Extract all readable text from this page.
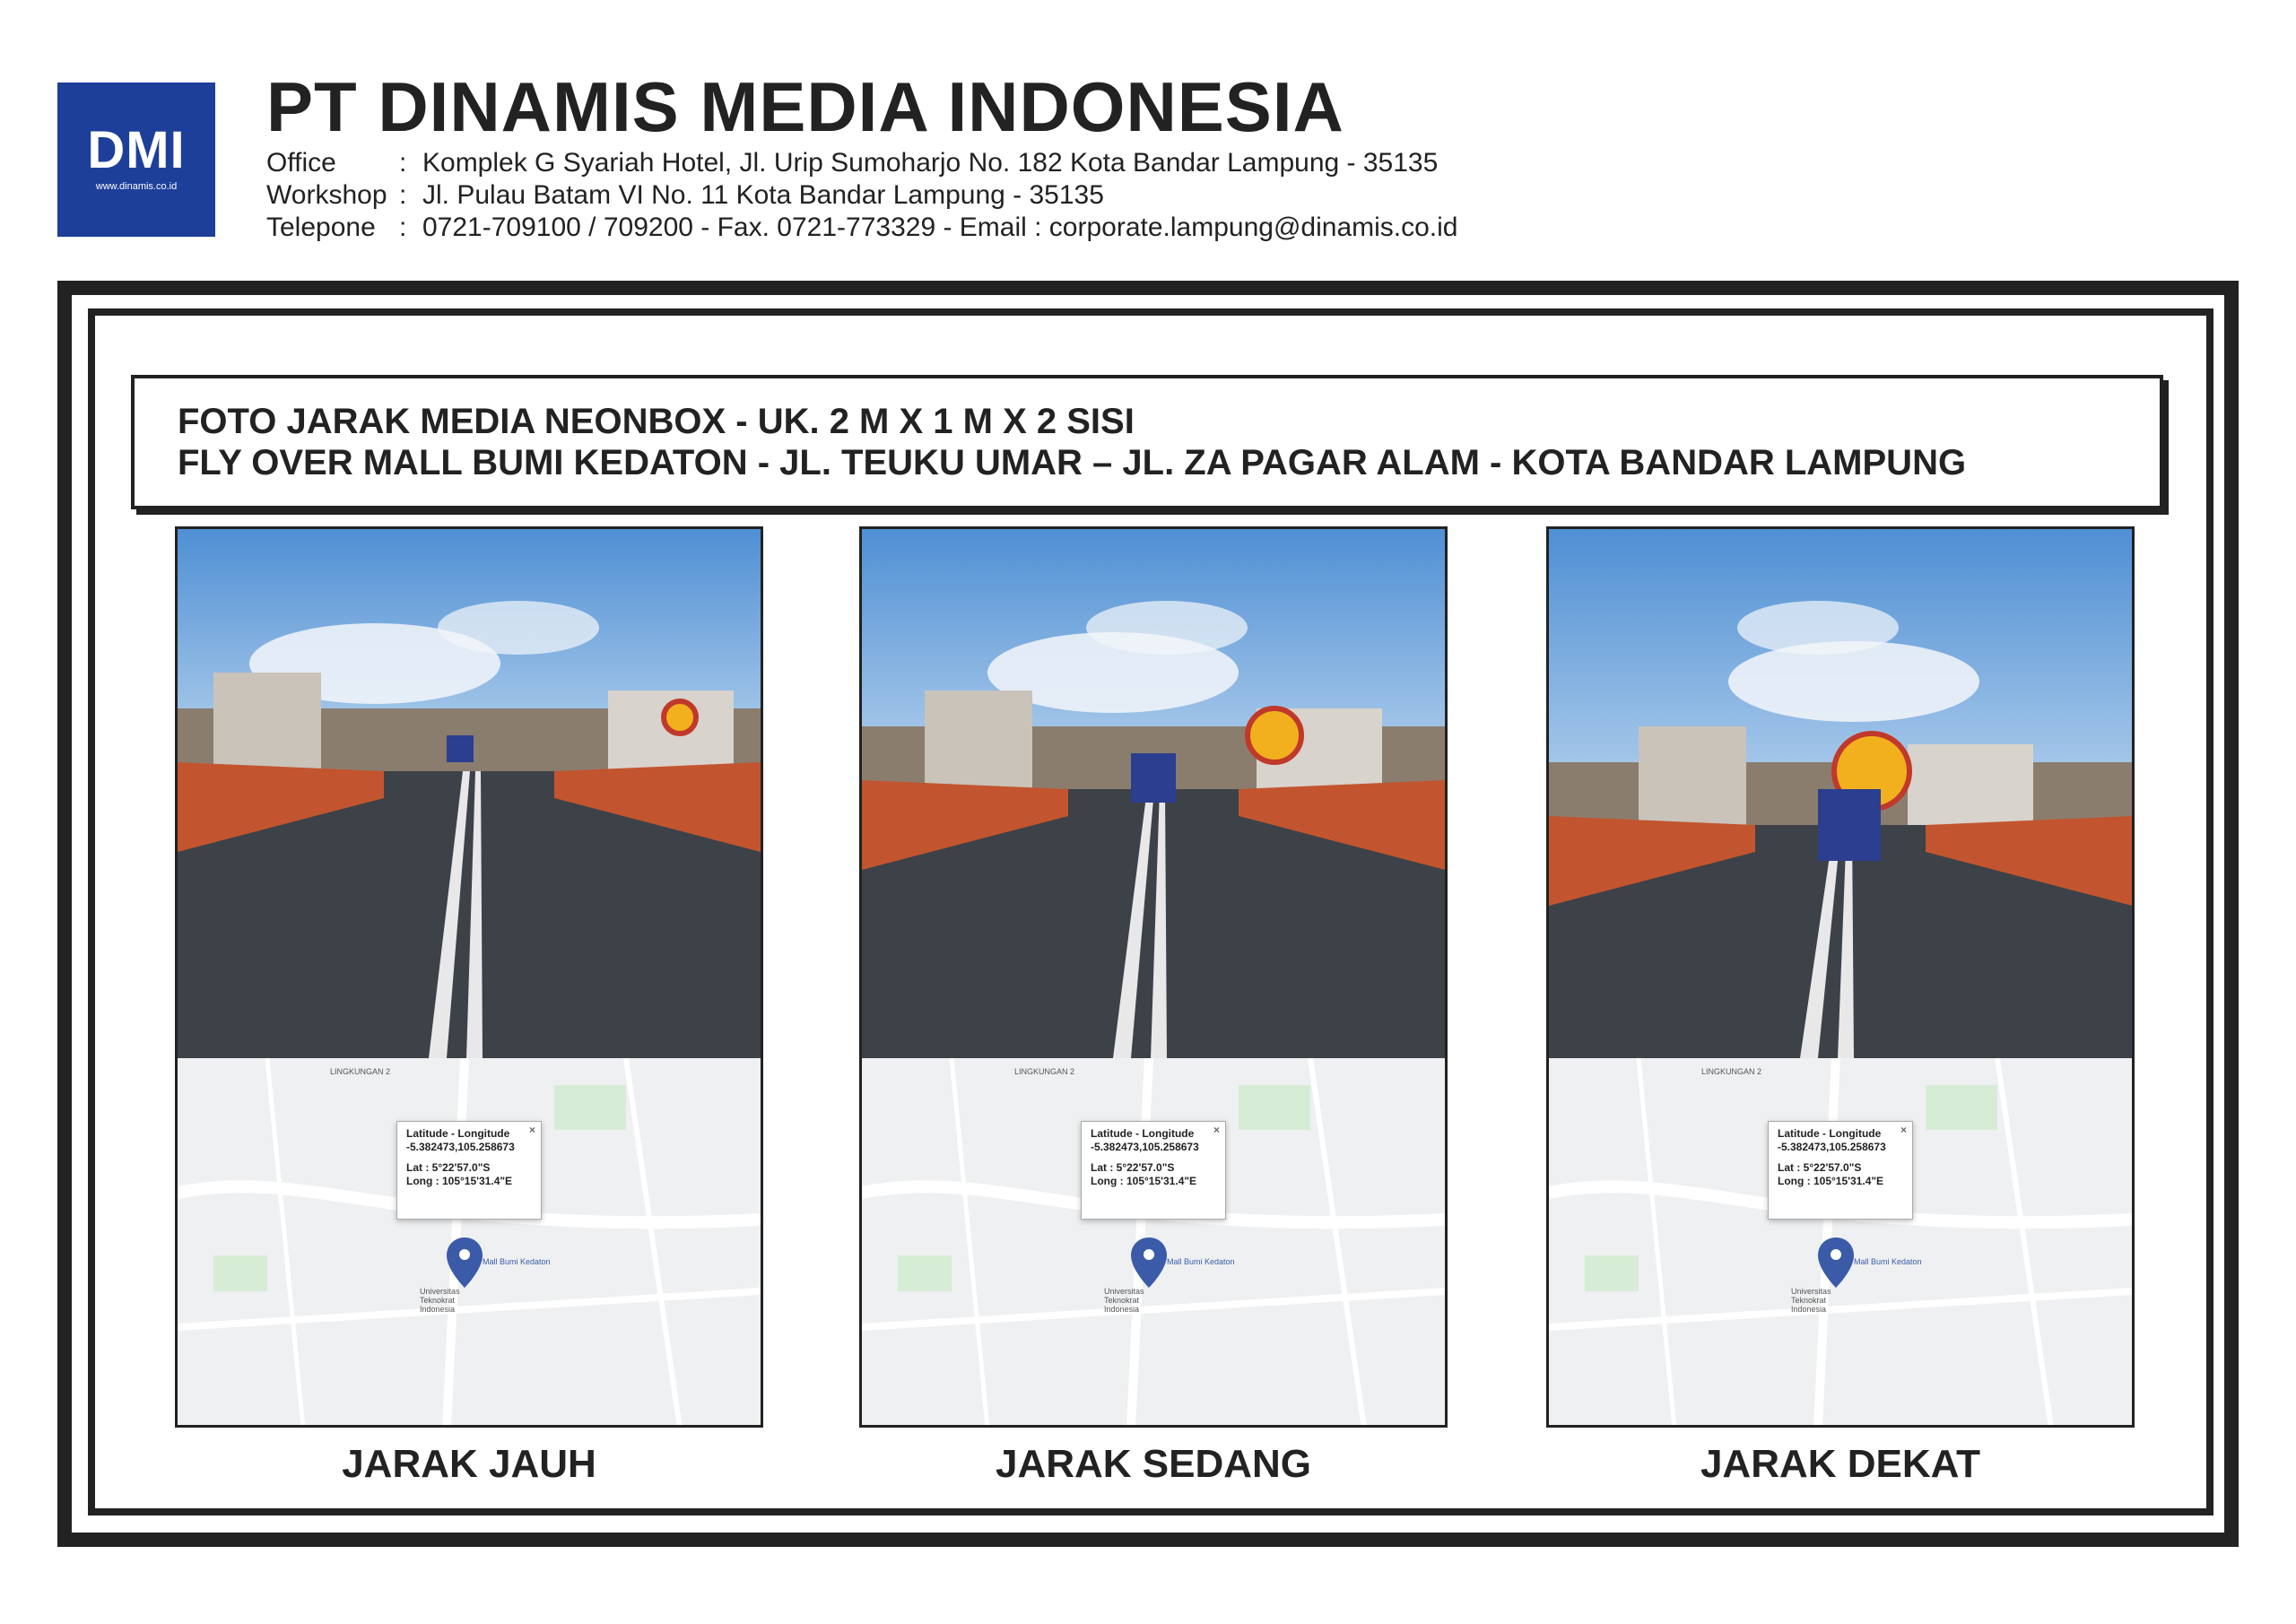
DMI
www.dinamis.co.id
PT DINAMIS MEDIA INDONESIA
Office	: Komplek G Syariah Hotel, Jl. Urip Sumoharjo No. 182 Kota Bandar Lampung - 35135
Workshop : Jl. Pulau Batam VI No. 11 Kota Bandar Lampung - 35135
Telepone : 0721-709100 / 709200 - Fax. 0721-773329 - Email : corporate.lampung@dinamis.co.id
FOTO JARAK MEDIA NEONBOX - UK. 2 M X 1 M X 2 SISI
FLY OVER MALL BUMI KEDATON - JL. TEUKU UMAR – JL. ZA PAGAR ALAM - KOTA BANDAR LAMPUNG
LINGKUNGAN 2
Mall Bumi Kedaton
Universitas Teknokrat Indonesia
×
Latitude - Longitude
-5.382473,105.258673
Lat : 5°22'57.0"S
Long : 105°15'31.4"E
JARAK JAUH
LINGKUNGAN 2
Mall Bumi Kedaton
Universitas Teknokrat Indonesia
×
Latitude - Longitude
-5.382473,105.258673
Lat : 5°22'57.0"S
Long : 105°15'31.4"E
JARAK SEDANG
LINGKUNGAN 2
Mall Bumi Kedaton
Universitas Teknokrat Indonesia
×
Latitude - Longitude
-5.382473,105.258673
Lat : 5°22'57.0"S
Long : 105°15'31.4"E
JARAK DEKAT
